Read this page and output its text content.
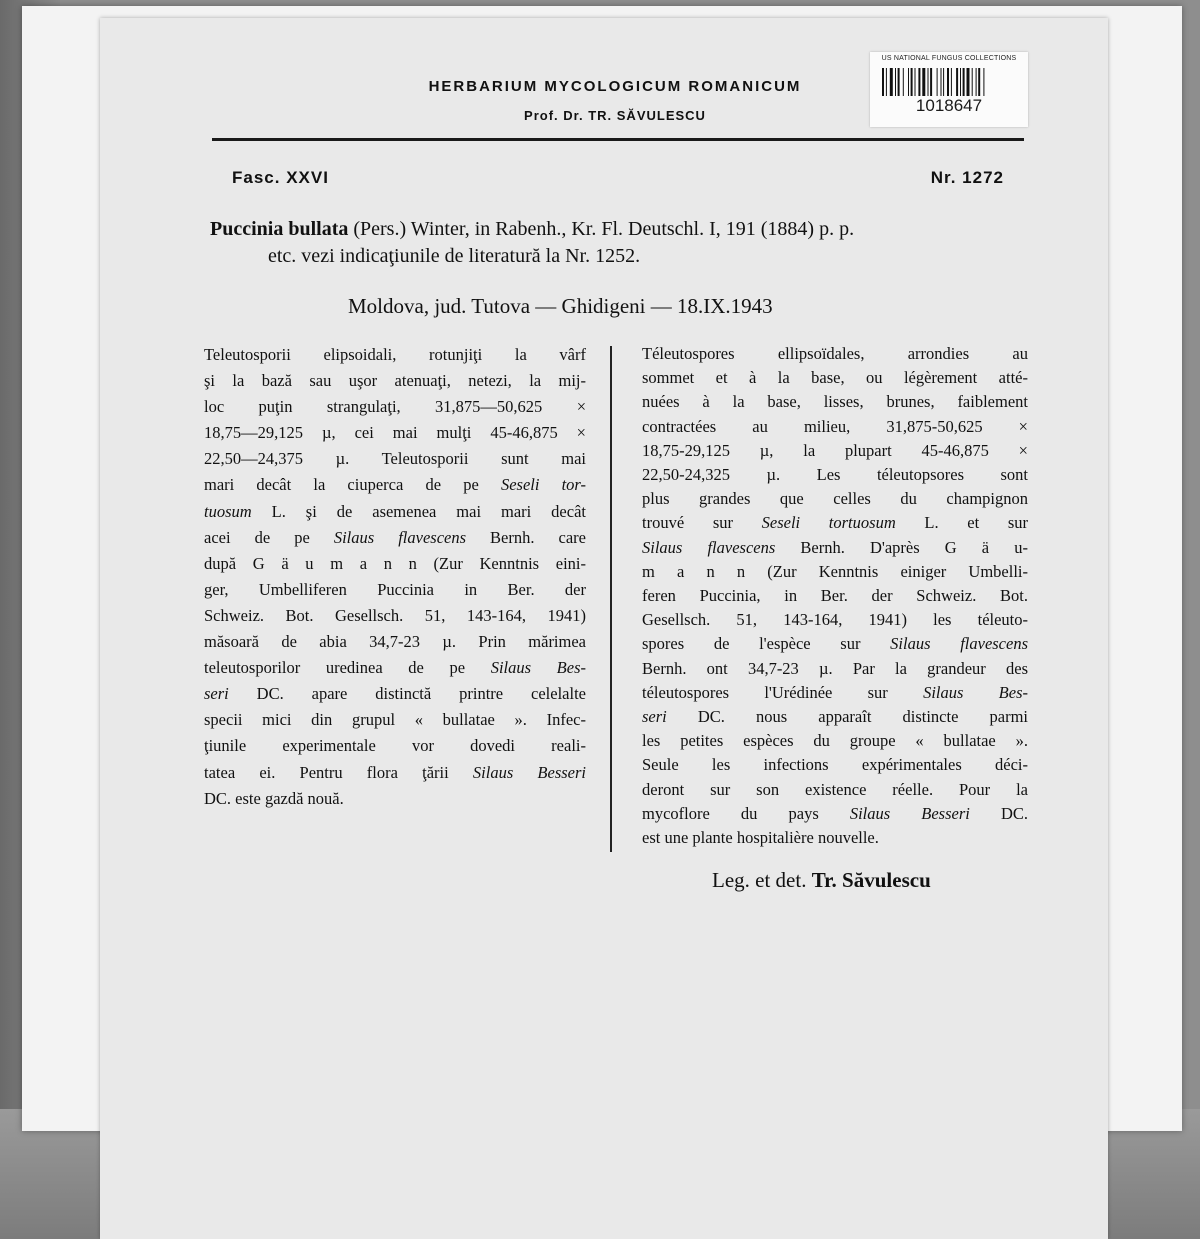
US NATIONAL FUNGUS COLLECTIONS
1018647
HERBARIUM MYCOLOGICUM ROMANICUM
Prof. Dr. TR. SĂVULESCU
Fasc. XXVI	Nr. 1272
Puccinia bullata (Pers.) Winter, in Rabenh., Kr. Fl. Deutschl. I, 191 (1884) p. p.
etc. vezi indicaţiunile de literatură la Nr. 1252.
Moldova, jud. Tutova — Ghidigeni — 18.IX.1943
Teleutosporii elipsoidali, rotunjiţi la vârf
şi la bază sau uşor atenuaţi, netezi, la mij-
loc puţin strangulaţi, 31,875—50,625 ×
18,75—29,125 µ, cei mai mulţi 45-46,875 ×
22,50—24,375 µ. Teleutosporii sunt mai
mari decât la ciuperca de pe Seseli tor-
tuosum L. şi de asemenea mai mari decât
acei de pe Silaus flavescens Bernh. care
după G ä u m a n n (Zur Kenntnis eini-
ger, Umbelliferen Puccinia in Ber. der
Schweiz. Bot. Gesellsch. 51, 143-164, 1941)
măsoară de abia 34,7-23 µ. Prin mărimea
teleutosporilor uredinea de pe Silaus Bes-
seri DC. apare distinctă printre celelalte
specii mici din grupul « bullatae ». Infec-
ţiunile experimentale vor dovedi reali-
tatea ei. Pentru flora ţării Silaus Besseri
DC. este gazdă nouă.
Téleutospores ellipsoïdales, arrondies au
sommet et à la base, ou légèrement atté-
nuées à la base, lisses, brunes, faiblement
contractées au milieu, 31,875-50,625 ×
18,75-29,125 µ, la plupart 45-46,875 ×
22,50-24,325 µ. Les téleutopsores sont
plus grandes que celles du champignon
trouvé sur Seseli tortuosum L. et sur
Silaus flavescens Bernh. D'après G ä u-
m a n n (Zur Kenntnis einiger Umbelli-
feren Puccinia, in Ber. der Schweiz. Bot.
Gesellsch. 51, 143-164, 1941) les téleuto-
spores de l'espèce sur Silaus flavescens
Bernh. ont 34,7-23 µ. Par la grandeur des
téleutospores l'Urédinée sur Silaus Bes-
seri DC. nous apparaît distincte parmi
les petites espèces du groupe « bullatae ».
Seule les infections expérimentales déci-
deront sur son existence réelle. Pour la
mycoflore du pays Silaus Besseri DC.
est une plante hospitalière nouvelle.
Leg. et det. Tr. Săvulescu
